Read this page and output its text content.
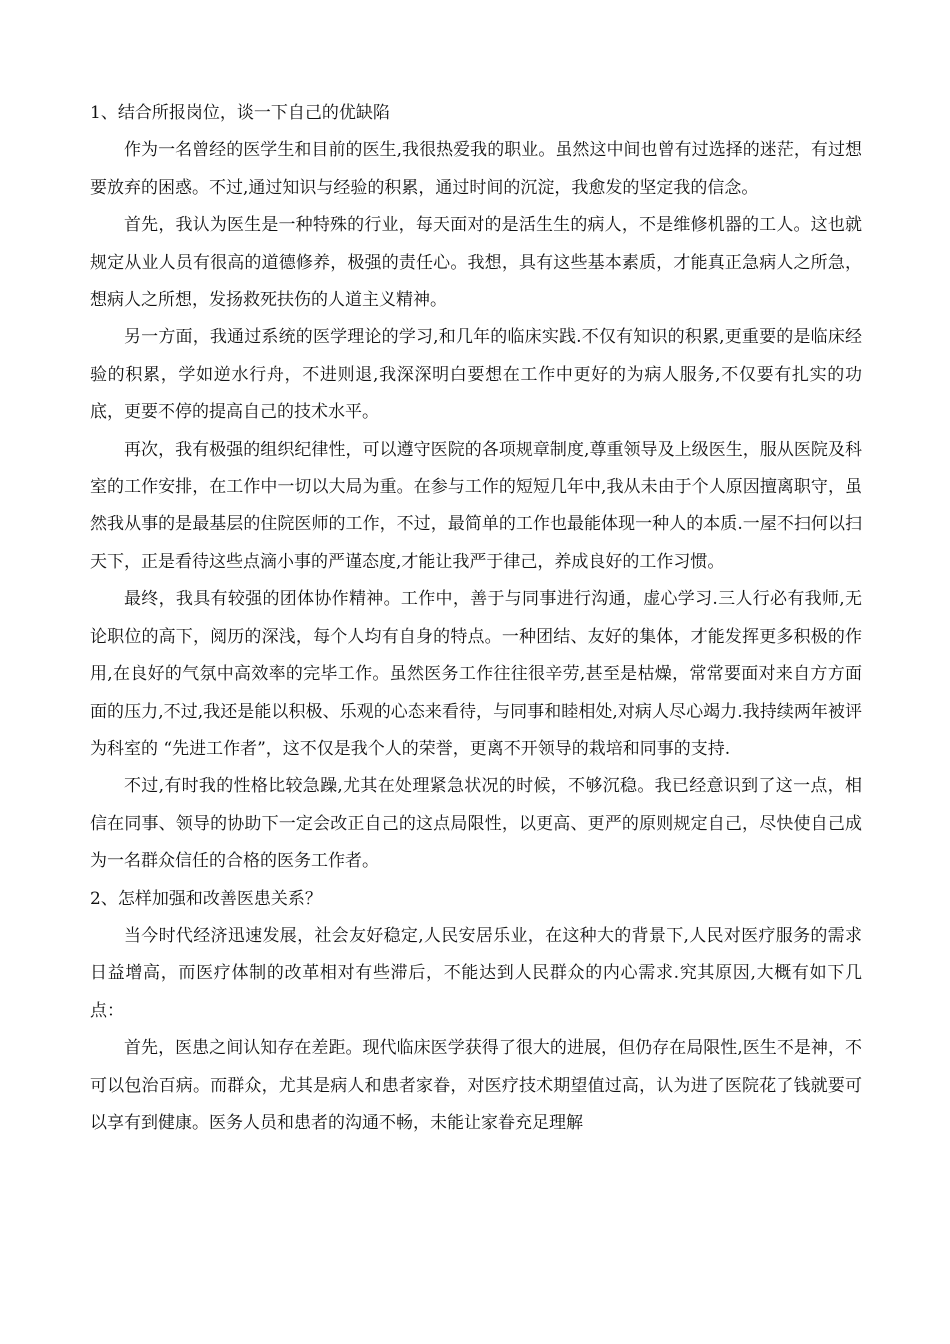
1、结合所报岗位，谈一下自己的优缺陷

作为一名曾经的医学生和目前的医生,我很热爱我的职业。虽然这中间也曾有过选择的迷茫，有过想要放弃的困惑。不过,通过知识与经验的积累，通过时间的沉淀，我愈发的坚定我的信念。

首先，我认为医生是一种特殊的行业，每天面对的是活生生的病人，不是维修机器的工人。这也就规定从业人员有很高的道德修养，极强的责任心。我想，具有这些基本素质，才能真正急病人之所急，想病人之所想，发扬救死扶伤的人道主义精神。

另一方面，我通过系统的医学理论的学习,和几年的临床实践.不仅有知识的积累,更重要的是临床经验的积累，学如逆水行舟，不进则退,我深深明白要想在工作中更好的为病人服务,不仅要有扎实的功底，更要不停的提高自己的技术水平。

再次，我有极强的组织纪律性，可以遵守医院的各项规章制度,尊重领导及上级医生，服从医院及科室的工作安排，在工作中一切以大局为重。在参与工作的短短几年中,我从未由于个人原因擅离职守，虽然我从事的是最基层的住院医师的工作，不过，最简单的工作也最能体现一种人的本质.一屋不扫何以扫天下，正是看待这些点滴小事的严谨态度,才能让我严于律己，养成良好的工作习惯。

最终，我具有较强的团体协作精神。工作中，善于与同事进行沟通，虚心学习.三人行必有我师,无论职位的高下，阅历的深浅，每个人均有自身的特点。一种团结、友好的集体，才能发挥更多积极的作用,在良好的气氛中高效率的完毕工作。虽然医务工作往往很辛劳,甚至是枯燥，常常要面对来自方方面面的压力,不过,我还是能以积极、乐观的心态来看待，与同事和睦相处,对病人尽心竭力.我持续两年被评为科室的 “先进工作者”，这不仅是我个人的荣誉，更离不开领导的栽培和同事的支持.

不过,有时我的性格比较急躁,尤其在处理紧急状况的时候，不够沉稳。我已经意识到了这一点，相信在同事、领导的协助下一定会改正自己的这点局限性，以更高、更严的原则规定自己，尽快使自己成为一名群众信任的合格的医务工作者。

2、怎样加强和改善医患关系？

当今时代经济迅速发展，社会友好稳定,人民安居乐业，在这种大的背景下,人民对医疗服务的需求日益增高，而医疗体制的改革相对有些滞后，不能达到人民群众的内心需求.究其原因,大概有如下几点：

首先，医患之间认知存在差距。现代临床医学获得了很大的进展，但仍存在局限性,医生不是神，不可以包治百病。而群众，尤其是病人和患者家眷，对医疗技术期望值过高，认为进了医院花了钱就要可以享有到健康。医务人员和患者的沟通不畅，未能让家眷充足理解
